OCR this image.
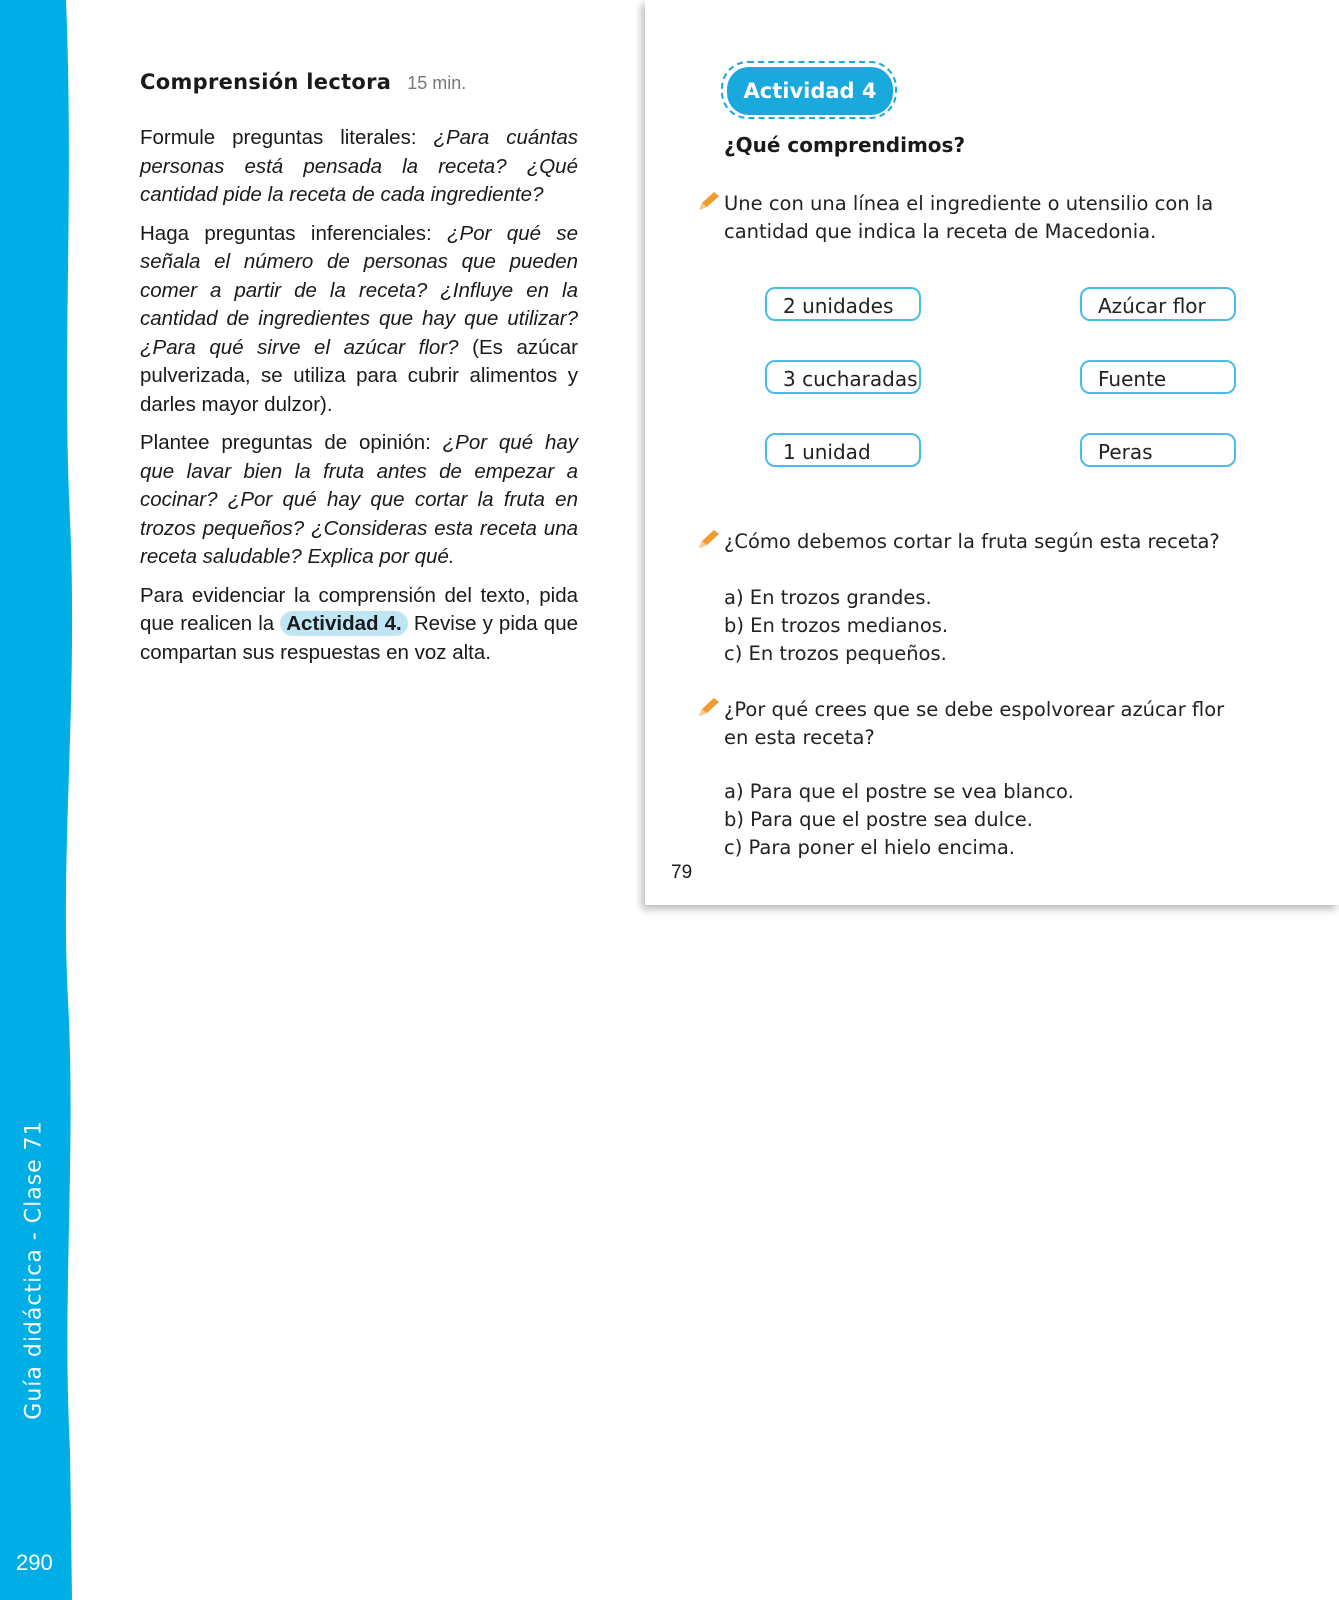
Guía didáctica - Clase 71
290
Comprensión lectora 15 min.

Formule preguntas literales: ¿Para cuántas personas está pensada la receta? ¿Qué cantidad pide la receta de cada ingrediente?

Haga preguntas inferenciales: ¿Por qué se señala el número de personas que pueden comer a partir de la receta? ¿Influye en la cantidad de ingredientes que hay que utilizar? ¿Para qué sirve el azúcar flor? (Es azúcar pulverizada, se utiliza para cubrir alimentos y darles mayor dulzor).

Plantee preguntas de opinión: ¿Por qué hay que lavar bien la fruta antes de empezar a cocinar? ¿Por qué hay que cortar la fruta en trozos pequeños? ¿Consideras esta receta una receta saludable? Explica por qué.

Para evidenciar la comprensión del texto, pida que realicen la Actividad 4. Revise y pida que compartan sus respuestas en voz alta.

Actividad 4
¿Qué comprendimos?
Une con una línea el ingrediente o utensilio con la
cantidad que indica la receta de Macedonia.
2 unidades
3 cucharadas
1 unidad
Azúcar flor
Fuente
Peras
¿Cómo debemos cortar la fruta según esta receta?
a) En trozos grandes.
b) En trozos medianos.
c) En trozos pequeños.
¿Por qué crees que se debe espolvorear azúcar flor
en esta receta?
a) Para que el postre se vea blanco.
b) Para que el postre sea dulce.
c) Para poner el hielo encima.
79
